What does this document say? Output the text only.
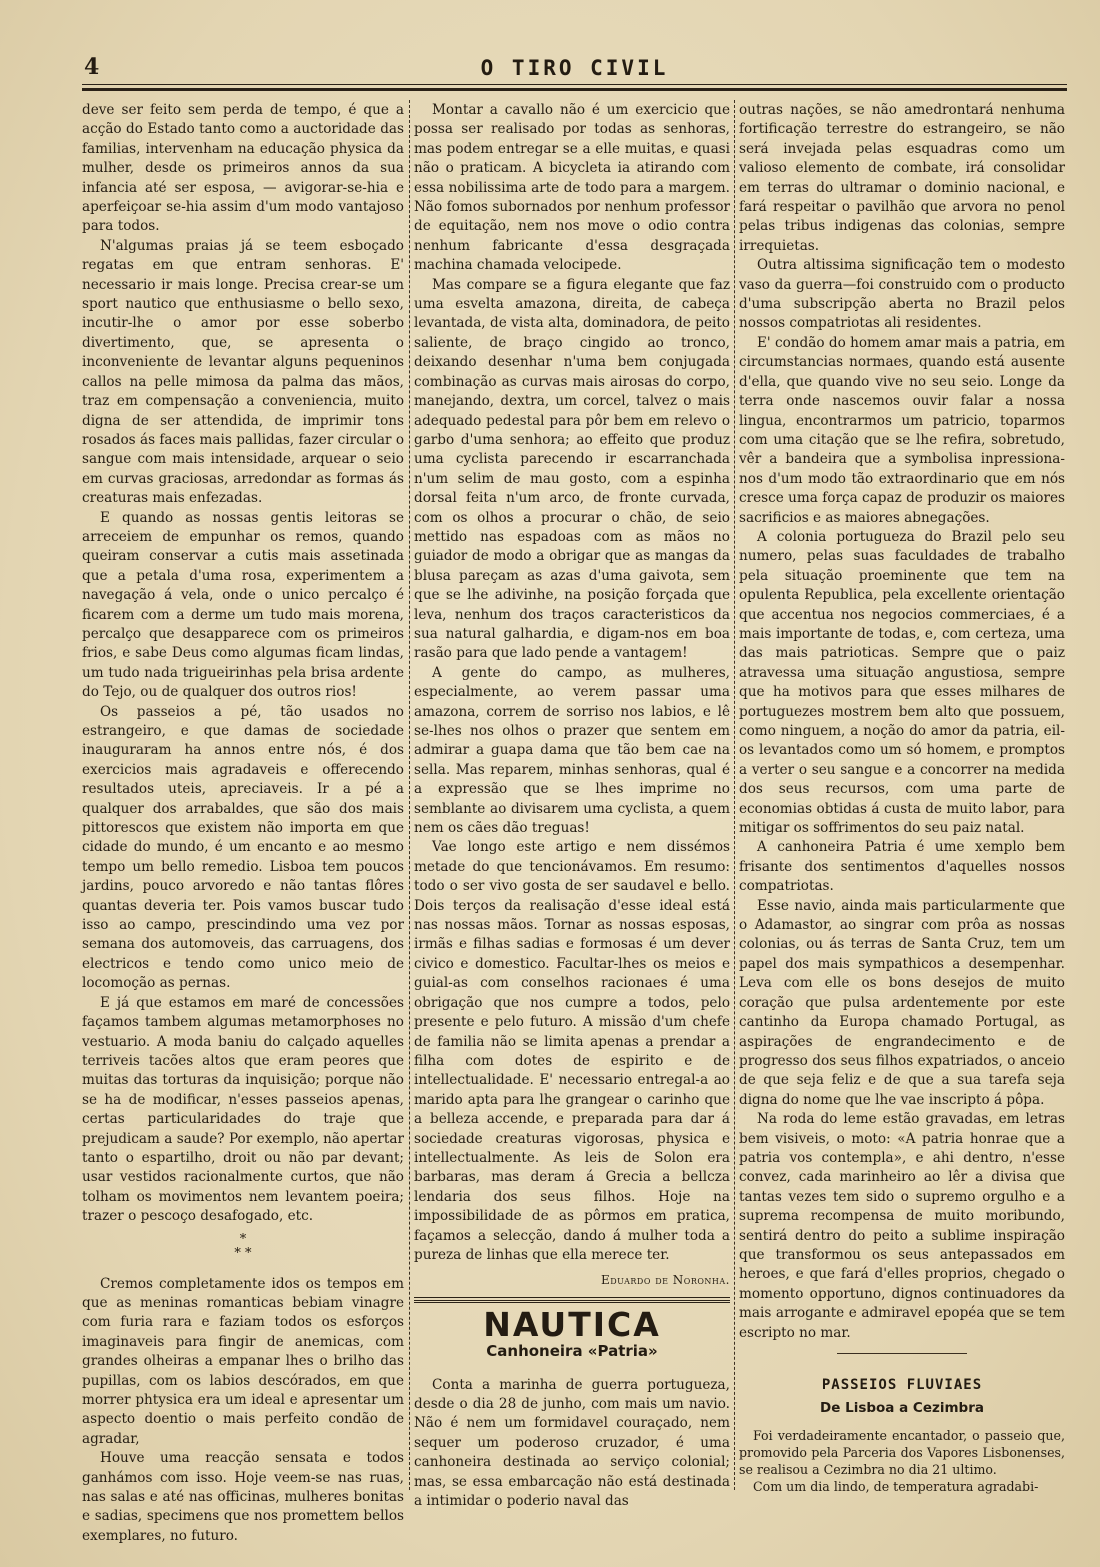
4	O TIRO CIVIL

deve ser feito sem perda de tempo, é que a acção do Estado tanto como a auctoridade das familias, intervenham na educação physica da mulher, desde os primeiros annos da sua infancia até ser esposa, — avigorar-se-hia e aperfeiçoar se-hia assim d'um modo vantajoso para todos.

N'algumas praias já se teem esboçado regatas em que entram senhoras. E' necessario ir mais longe. Precisa crear-se um sport nautico que enthusiasme o bello sexo, incutir-lhe o amor por esse soberbo divertimento, que, se apresenta o inconveniente de levantar alguns pequeninos callos na pelle mimosa da palma das mãos, traz em compensação a conveniencia, muito digna de ser attendida, de imprimir tons rosados ás faces mais pallidas, fazer circular o sangue com mais intensidade, arquear o seio em curvas graciosas, arredondar as formas ás creaturas mais enfezadas.

E quando as nossas gentis leitoras se arreceiem de empunhar os remos, quando queiram conservar a cutis mais assetinada que a petala d'uma rosa, experimentem a navegação á vela, onde o unico percalço é ficarem com a derme um tudo mais morena, percalço que desapparece com os primeiros frios, e sabe Deus como algumas ficam lindas, um tudo nada trigueirinhas pela brisa ardente do Tejo, ou de qualquer dos outros rios!

Os passeios a pé, tão usados no estrangeiro, e que damas de sociedade inauguraram ha annos entre nós, é dos exercicios mais agradaveis e offerecendo resultados uteis, apreciaveis. Ir a pé a qualquer dos arrabaldes, que são dos mais pittorescos que existem não importa em que cidade do mundo, é um encanto e ao mesmo tempo um bello remedio. Lisboa tem poucos jardins, pouco arvoredo e não tantas flôres quantas deveria ter. Pois vamos buscar tudo isso ao campo, prescindindo uma vez por semana dos automoveis, das carruagens, dos electricos e tendo como unico meio de locomoção as pernas.

E já que estamos em maré de concessões façamos tambem algumas metamorphoses no vestuario. A moda baniu do calçado aquelles terriveis tacões altos que eram peores que muitas das torturas da inquisição; porque não se ha de modificar, n'esses passeios apenas, certas particularidades do traje que prejudicam a saude? Por exemplo, não apertar tanto o espartilho, droit ou não par devant; usar vestidos racionalmente curtos, que não tolham os movimentos nem levantem poeira; trazer o pescoço desafogado, etc.

*
* *

Cremos completamente idos os tempos em que as meninas romanticas bebiam vinagre com furia rara e faziam todos os esforços imaginaveis para fingir de anemicas, com grandes olheiras a empanar lhes o brilho das pupillas, com os labios descórados, em que morrer phtysica era um ideal e apresentar um aspecto doentio o mais perfeito condão de agradar,

Houve uma reacção sensata e todos ganhámos com isso. Hoje veem-se nas ruas, nas salas e até nas officinas, mulheres bonitas e sadias, specimens que nos promettem bellos exemplares, no futuro.

Montar a cavallo não é um exercicio que possa ser realisado por todas as senhoras, mas podem entregar se a elle muitas, e quasi não o praticam. A bicycleta ia atirando com essa nobilissima arte de todo para a margem. Não fomos subornados por nenhum professor de equitação, nem nos move o odio contra nenhum fabricante d'essa desgraçada machina chamada velocipede.

Mas compare se a figura elegante que faz uma esvelta amazona, direita, de cabeça levantada, de vista alta, dominadora, de peito saliente, de braço cingido ao tronco, deixando desenhar n'uma bem conjugada combinação as curvas mais airosas do corpo, manejando, dextra, um corcel, talvez o mais adequado pedestal para pôr bem em relevo o garbo d'uma senhora; ao effeito que produz uma cyclista parecendo ir escarranchada n'um selim de mau gosto, com a espinha dorsal feita n'um arco, de fronte curvada, com os olhos a procurar o chão, de seio mettido nas espadoas com as mãos no guiador de modo a obrigar que as mangas da blusa pareçam as azas d'uma gaivota, sem que se lhe adivinhe, na posição forçada que leva, nenhum dos traços caracteristicos da sua natural galhardia, e digam-nos em boa rasão para que lado pende a vantagem!

A gente do campo, as mulheres, especialmente, ao verem passar uma amazona, correm de sorriso nos labios, e lê se-lhes nos olhos o prazer que sentem em admirar a guapa dama que tão bem cae na sella. Mas reparem, minhas senhoras, qual é a expressão que se lhes imprime no semblante ao divisarem uma cyclista, a quem nem os cães dão treguas!

Vae longo este artigo e nem dissémos metade do que tencionávamos. Em resumo: todo o ser vivo gosta de ser saudavel e bello. Dois terços da realisação d'esse ideal está nas nossas mãos. Tornar as nossas esposas, irmãs e filhas sadias e formosas é um dever civico e domestico. Facultar-lhes os meios e guial-as com conselhos racionaes é uma obrigação que nos cumpre a todos, pelo presente e pelo futuro. A missão d'um chefe de familia não se limita apenas a prendar a filha com dotes de espirito e de intellectualidade. E' necessario entregal-a ao marido apta para lhe grangear o carinho que a belleza accende, e preparada para dar á sociedade creaturas vigorosas, physica e intellectualmente. As leis de Solon era barbaras, mas deram á Grecia a bellcza lendaria dos seus filhos. Hoje na impossibilidade de as pôrmos em pratica, façamos a selecção, dando á mulher toda a pureza de linhas que ella merece ter.

Eduardo de Noronha.
NAUTICA
Canhoneira «Patria»

Conta a marinha de guerra portugueza, desde o dia 28 de junho, com mais um navio. Não é nem um formidavel couraçado, nem sequer um poderoso cruzador, é uma canhoneira destinada ao serviço colonial; mas, se essa embarcação não está destinada a intimidar o poderio naval das

outras nações, se não amedrontará nenhuma fortificação terrestre do estrangeiro, se não será invejada pelas esquadras como um valioso elemento de combate, irá consolidar em terras do ultramar o dominio nacional, e fará respeitar o pavilhão que arvora no penol pelas tribus indigenas das colonias, sempre irrequietas.

Outra altissima significação tem o modesto vaso da guerra—foi construido com o producto d'uma subscripção aberta no Brazil pelos nossos compatriotas ali residentes.

E' condão do homem amar mais a patria, em circumstancias normaes, quando está ausente d'ella, que quando vive no seu seio. Longe da terra onde nascemos ouvir falar a nossa lingua, encontrarmos um patricio, toparmos com uma citação que se lhe refira, sobretudo, vêr a bandeira que a symbolisa inpressiona-nos d'um modo tão extraordinario que em nós cresce uma força capaz de produzir os maiores sacrificios e as maiores abnegações.

A colonia portugueza do Brazil pelo seu numero, pelas suas faculdades de trabalho pela situação proeminente que tem na opulenta Republica, pela excellente orientação que accentua nos negocios commerciaes, é a mais importante de todas, e, com certeza, uma das mais patrioticas. Sempre que o paiz atravessa uma situação angustiosa, sempre que ha motivos para que esses milhares de portuguezes mostrem bem alto que possuem, como ninguem, a noção do amor da patria, eil-os levantados como um só homem, e promptos a verter o seu sangue e a concorrer na medida dos seus recursos, com uma parte de economias obtidas á custa de muito labor, para mitigar os soffrimentos do seu paiz natal.

A canhoneira Patria é ume xemplo bem frisante dos sentimentos d'aquelles nossos compatriotas.

Esse navio, ainda mais particularmente que o Adamastor, ao singrar com prôa as nossas colonias, ou ás terras de Santa Cruz, tem um papel dos mais sympathicos a desempenhar. Leva com elle os bons desejos de muito coração que pulsa ardentemente por este cantinho da Europa chamado Portugal, as aspirações de engrandecimento e de progresso dos seus filhos expatriados, o anceio de que seja feliz e de que a sua tarefa seja digna do nome que lhe vae inscripto á pôpa.

Na roda do leme estão gravadas, em letras bem visiveis, o moto: «A patria honrae que a patria vos contempla», e ahi dentro, n'esse convez, cada marinheiro ao lêr a divisa que tantas vezes tem sido o supremo orgulho e a suprema recompensa de muito moribundo, sentirá dentro do peito a sublime inspiração que transformou os seus antepassados em heroes, e que fará d'elles proprios, chegado o momento opportuno, dignos continuadores da mais arrogante e admiravel epopéa que se tem escripto no mar.

PASSEIOS FLUVIAES
De Lisboa a Cezimbra

Foi verdadeiramente encantador, o passeio que, promovido pela Parceria dos Vapores Lisbonenses, se realisou a Cezimbra no dia 21 ultimo.

Com um dia lindo, de temperatura agradabi-
